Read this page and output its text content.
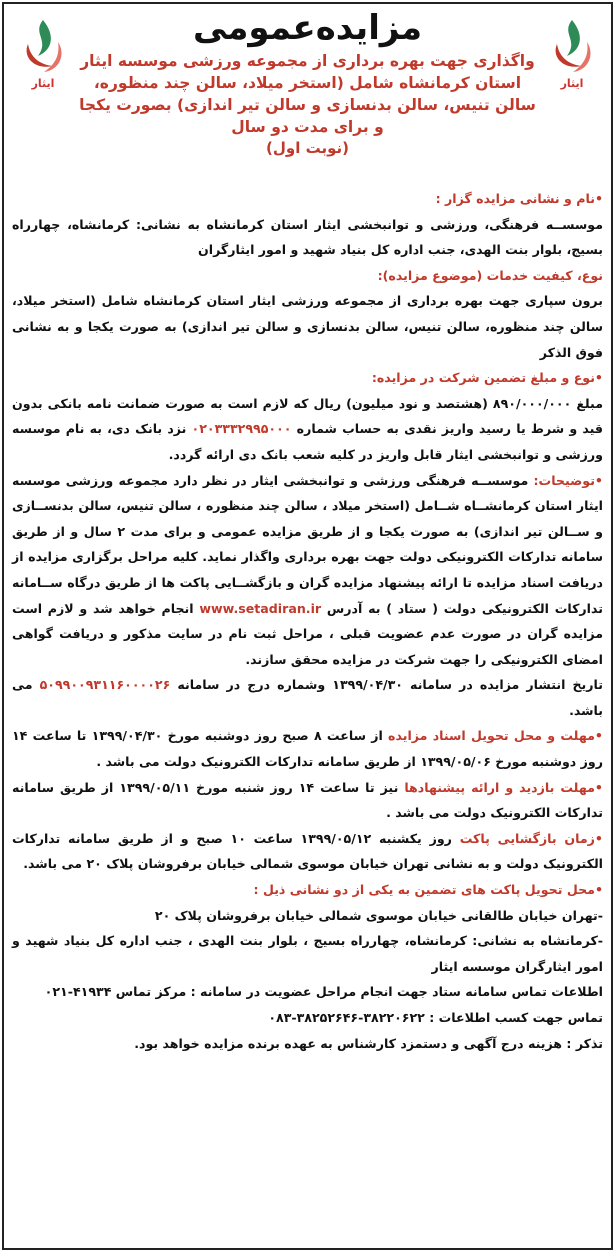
ایثار
ایثار
مزایده‌عمومی
واگذاری جهت بهره برداری از مجموعه ورزشی موسسه ایثار استان کرمانشاه شامل (استخر میلاد، سالن چند منظوره، سالن تنیس، سالن بدنسازی و سالن تیر اندازی) بصورت یکجا و برای مدت دو سال
(نوبت اول)

•نام و نشانی مزایده گزار :

موسســه فرهنگی، ورزشی و توانبخشی ایثار استان کرمانشاه به نشانی: کرمانشاه، چهارراه بسیج، بلوار بنت الهدی، جنب اداره کل بنیاد شهید و امور ایثارگران

نوع، کیفیت خدمات (موضوع مزایده):

برون سپاری جهت بهره برداری از مجموعه ورزشی ایثار استان کرمانشاه شامل (استخر میلاد، سالن چند منظوره، سالن تنیس، سالن بدنسازی و سالن تیر اندازی) به صورت یکجا و به نشانی فوق الذکر

•نوع و مبلغ تضمین شرکت در مزایده:

مبلغ ۸۹۰/۰۰۰/۰۰۰ (هشتصد و نود میلیون) ریال که لازم است به صورت ضمانت نامه بانکی بدون قید و شرط یا رسید واریز نقدی به حساب شماره ۰۲۰۳۳۳۲۹۹۵۰۰۰ نزد بانک دی، به نام موسسه ورزشی و توانبخشی ایثار قابل واریز در کلیه شعب بانک دی ارائه گردد.

•توضیحات: موسســه فرهنگی ورزشی و توانبخشی ایثار در نظر دارد مجموعه ورزشی موسسه ایثار استان کرمانشــاه شــامل (استخر میلاد ، سالن چند منظوره ، سالن تنیس، سالن بدنســازی و ســالن تیر اندازی) به صورت یکجا و از طریق مزایده عمومی و برای مدت ۲ سال و از طریق سامانه تدارکات الکترونیکی دولت جهت بهره برداری واگذار نماید. کلیه مراحل برگزاری مزایده از دریافت اسناد مزایده تا ارائه پیشنهاد مزایده گران و بازگشــایی پاکت ها از طریق درگاه ســامانه تدارکات الکترونیکی دولت ( ستاد ) به آدرس www.setadiran.ir انجام خواهد شد و لازم است مزایده گران در صورت عدم عضویت قبلی ، مراحل ثبت نام در سایت مذکور و دریافت گواهی امضای الکترونیکی را جهت شرکت در مزایده محقق سازند.

تاریخ انتشار مزایده در سامانه ۱۳۹۹/۰۴/۳۰ وشماره درج در سامانه ۵۰۹۹۰۰۹۳۱۱۶۰۰۰۰۲۶ می باشد.

•مهلت و محل تحویل اسناد مزایده از ساعت ۸ صبح روز دوشنبه مورخ ۱۳۹۹/۰۴/۳۰ تا ساعت ۱۴ روز دوشنبه مورخ ۱۳۹۹/۰۵/۰۶ از طریق سامانه تدارکات الکترونیک دولت می باشد .

•مهلت بازدید و ارائه پیشنهادها نیز تا ساعت ۱۴ روز شنبه مورخ ۱۳۹۹/۰۵/۱۱ از طریق سامانه تدارکات الکترونیک دولت می باشد .

•زمان بازگشایی پاکت روز یکشنبه ۱۳۹۹/۰۵/۱۲ ساعت ۱۰ صبح و از طریق سامانه تدارکات الکترونیک دولت و به نشانی تهران خیابان موسوی شمالی خیابان برفروشان پلاک ۲۰ می باشد.

•محل تحویل پاکت های تضمین به یکی از دو نشانی ذیل :

-تهران خیابان طالقانی خیابان موسوی شمالی خیابان برفروشان پلاک ۲۰

-کرمانشاه به نشانی: کرمانشاه، چهارراه بسیج ، بلوار بنت الهدی ، جنب اداره کل بنیاد شهید و امور ایثارگران موسسه ایثار

اطلاعات تماس سامانه ستاد جهت انجام مراحل عضویت در سامانه : مرکز تماس ۰۲۱-۴۱۹۳۴

تماس جهت کسب اطلاعات : ۰۸۳-۳۸۲۵۲۶۴۶-۳۸۲۲۰۶۲۲

تذکر : هزینه درج آگهی و دستمزد کارشناس به عهده برنده مزایده خواهد بود.
